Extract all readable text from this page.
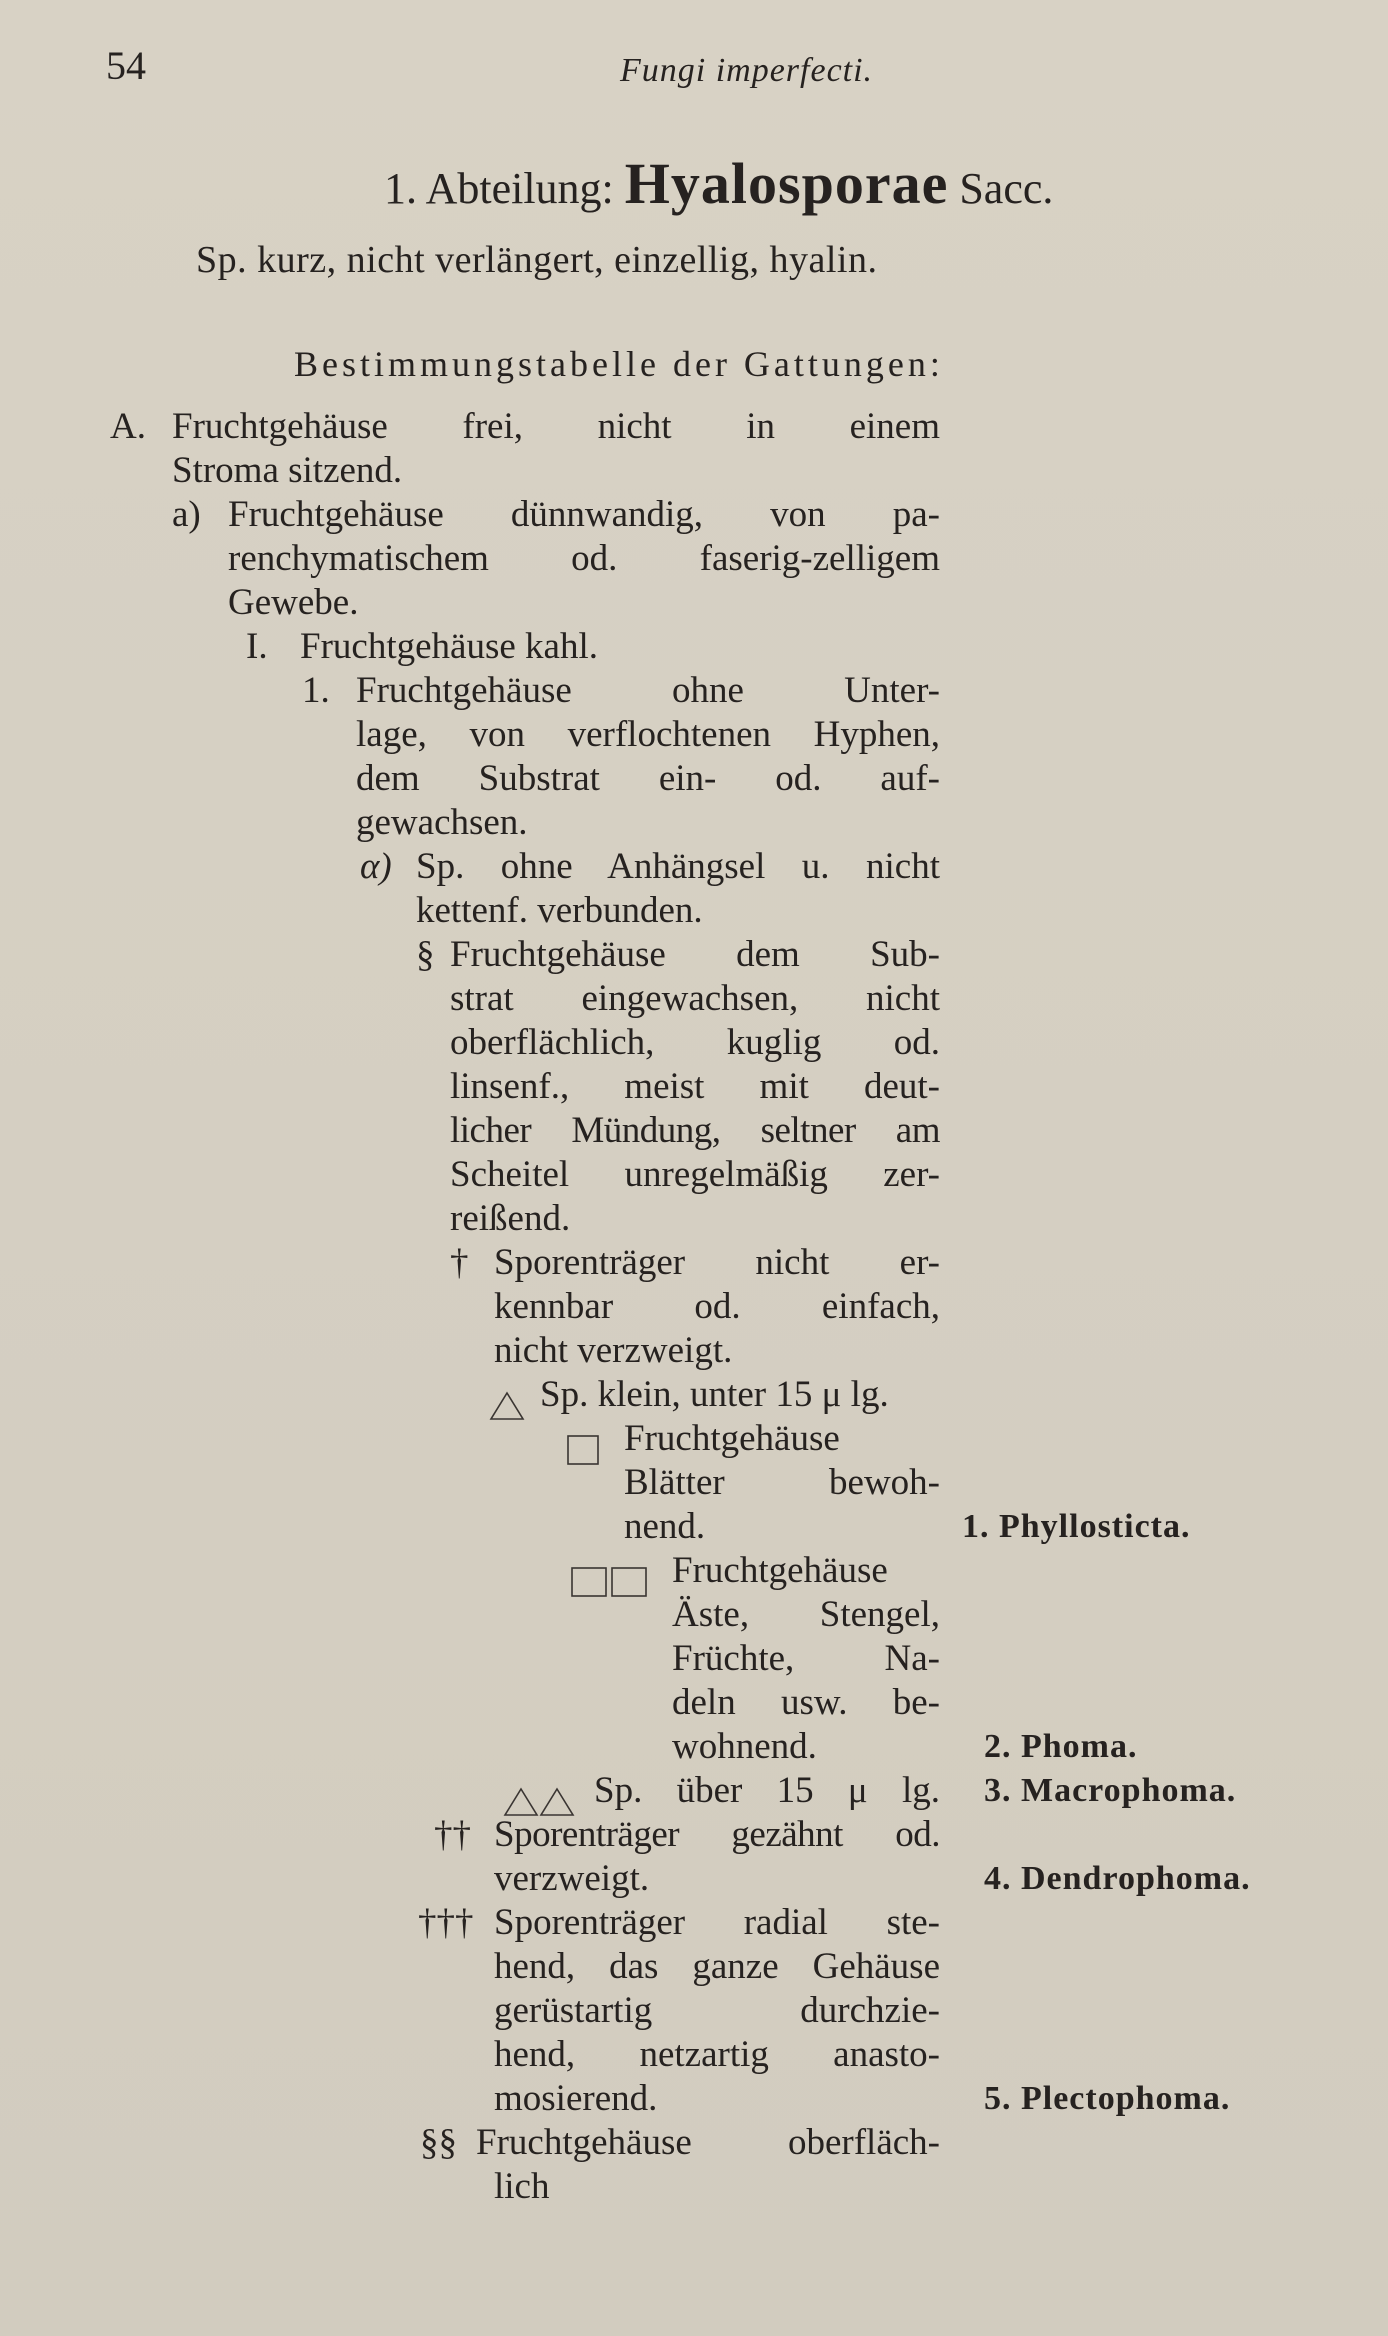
54	Fungi imperfecti.
1. Abteilung: Hyalosporae Sacc.
Sp. kurz, nicht verlängert, einzellig, hyalin.
Bestimmungstabelle der Gattungen:
A. Fruchtgehäuse frei, nicht in einem
Stroma sitzend.
a) Fruchtgehäuse dünnwandig, von pa-
renchymatischem od. faserig-zelligem
Gewebe.
I. Fruchtgehäuse kahl.
1. Fruchtgehäuse ohne Unter-
lage, von verflochtenen Hyphen,
dem Substrat ein- od. auf-
gewachsen.
α) Sp. ohne Anhängsel u. nicht
kettenf. verbunden.
§ Fruchtgehäuse dem Sub-
strat eingewachsen, nicht
oberflächlich, kuglig od.
linsenf., meist mit deut-
licher Mündung, seltner am
Scheitel unregelmäßig zer-
reißend.
† Sporenträger nicht er-
kennbar od. einfach,
nicht verzweigt.
Sp. klein, unter 15 μ lg.
Fruchtgehäuse
Blätter bewoh-
nend.
Fruchtgehäuse
Äste, Stengel,
Früchte, Na-
deln usw. be-
wohnend.
Sp. über 15 μ lg.
†† Sporenträger gezähnt od.
verzweigt.
††† Sporenträger radial ste-
hend, das ganze Gehäuse
gerüstartig durchzie-
hend, netzartig anasto-
mosierend.
§§ Fruchtgehäuse oberfläch-
lich
1. Phyllosticta.
2. Phoma.
3. Macrophoma.
4. Dendrophoma.
5. Plectophoma.
